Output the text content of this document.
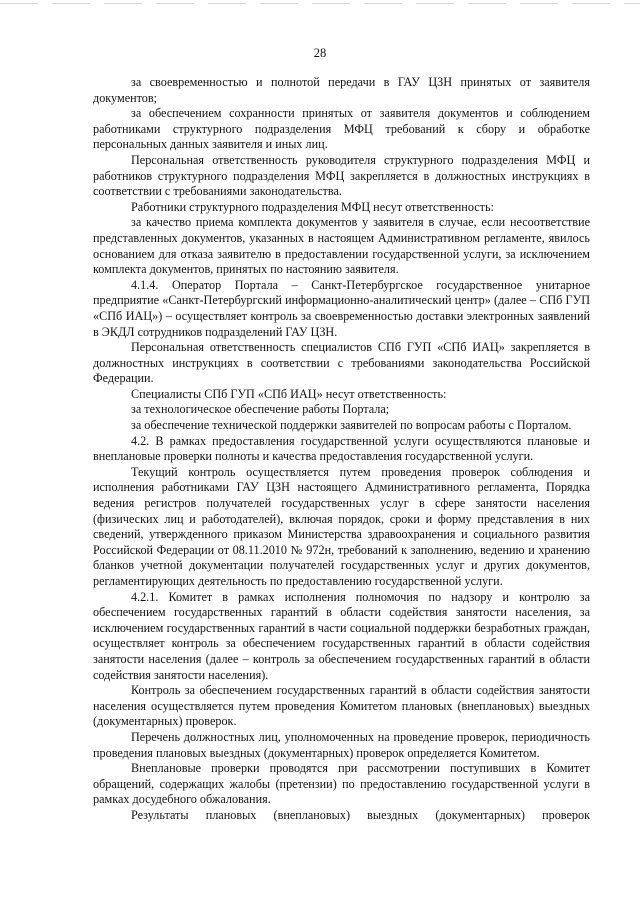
28

за своевременностью и полнотой передачи в ГАУ ЦЗН принятых от заявителя документов;

за обеспечением сохранности принятых от заявителя документов и соблюдением работниками структурного подразделения МФЦ требований к сбору и обработке персональных данных заявителя и иных лиц.

Персональная ответственность руководителя структурного подразделения МФЦ и работников структурного подразделения МФЦ закрепляется в должностных инструкциях в соответствии с требованиями законодательства.

Работники структурного подразделения МФЦ несут ответственность:

за качество приема комплекта документов у заявителя в случае, если несоответствие представленных документов, указанных в настоящем Административном регламенте, явилось основанием для отказа заявителю в предоставлении государственной услуги, за исключением комплекта документов, принятых по настоянию заявителя.

4.1.4. Оператор Портала – Санкт-Петербургское государственное унитарное предприятие «Санкт-Петербургский информационно-аналитический центр» (далее – СПб ГУП «СПб ИАЦ») – осуществляет контроль за своевременностью доставки электронных заявлений в ЭКДЛ сотрудников подразделений ГАУ ЦЗН.

Персональная ответственность специалистов СПб ГУП «СПб ИАЦ» закрепляется в должностных инструкциях в соответствии с требованиями законодательства Российской Федерации.

Специалисты СПб ГУП «СПб ИАЦ» несут ответственность:

за технологическое обеспечение работы Портала;

за обеспечение технической поддержки заявителей по вопросам работы с Порталом.

4.2. В рамках предоставления государственной услуги осуществляются плановые и внеплановые проверки полноты и качества предоставления государственной услуги.

Текущий контроль осуществляется путем проведения проверок соблюдения и исполнения работниками ГАУ ЦЗН настоящего Административного регламента, Порядка ведения регистров получателей государственных услуг в сфере занятости населения (физических лиц и работодателей), включая порядок, сроки и форму представления в них сведений, утвержденного приказом Министерства здравоохранения и социального развития Российской Федерации от 08.11.2010 № 972н, требований к заполнению, ведению и хранению бланков учетной документации получателей государственных услуг и других документов, регламентирующих деятельность по предоставлению государственной услуги.

4.2.1. Комитет в рамках исполнения полномочия по надзору и контролю за обеспечением государственных гарантий в области содействия занятости населения, за исключением государственных гарантий в части социальной поддержки безработных граждан, осуществляет контроль за обеспечением государственных гарантий в области содействия занятости населения (далее – контроль за обеспечением государственных гарантий в области содействия занятости населения).

Контроль за обеспечением государственных гарантий в области содействия занятости населения осуществляется путем проведения Комитетом плановых (внеплановых) выездных (документарных) проверок.

Перечень должностных лиц, уполномоченных на проведение проверок, периодичность проведения плановых выездных (документарных) проверок определяется Комитетом.

Внеплановые проверки проводятся при рассмотрении поступивших в Комитет обращений, содержащих жалобы (претензии) по предоставлению государственной услуги в рамках досудебного обжалования.

Результаты плановых (внеплановых) выездных (документарных) проверок
